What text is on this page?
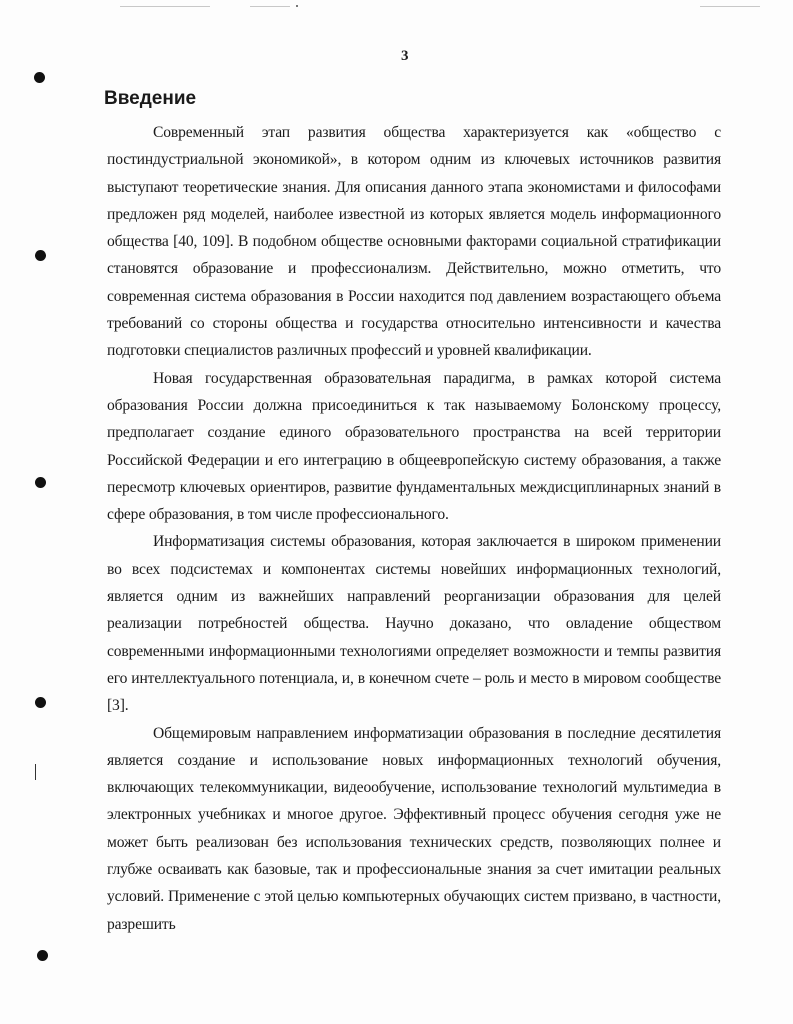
3
Введение

Современный этап развития общества характеризуется как «общество с постиндустриальной экономикой», в котором одним из ключевых источников развития выступают теоретические знания. Для описания данного этапа экономистами и философами предложен ряд моделей, наиболее известной из которых является модель информационного общества [40, 109]. В подобном обществе основными факторами социальной стратификации становятся образование и профессионализм. Действительно, можно отметить, что современная система образования в России находится под давлением возрастающего объема требований со стороны общества и государства относительно интенсивности и качества подготовки специалистов различных профессий и уровней квалификации.

Новая государственная образовательная парадигма, в рамках которой система образования России должна присоединиться к так называемому Болонскому процессу, предполагает создание единого образовательного пространства на всей территории Российской Федерации и его интеграцию в общеевропейскую систему образования, а также пересмотр ключевых ориентиров, развитие фундаментальных междисциплинарных знаний в сфере образования, в том числе профессионального.

Информатизация системы образования, которая заключается в широком применении во всех подсистемах и компонентах системы новейших информационных технологий, является одним из важнейших направлений реорганизации образования для целей реализации потребностей общества. Научно доказано, что овладение обществом современными информационными технологиями определяет возможности и темпы развития его интеллектуального потенциала, и, в конечном счете – роль и место в мировом сообществе [3].

Общемировым направлением информатизации образования в последние десятилетия является создание и использование новых информационных технологий обучения, включающих телекоммуникации, видеообучение, использование технологий мультимедиа в электронных учебниках и многое другое. Эффективный процесс обучения сегодня уже не может быть реализован без использования технических средств, позволяющих полнее и глубже осваивать как базовые, так и профессиональные знания за счет имитации реальных условий. Применение с этой целью компьютерных обучающих систем призвано, в частности, разрешить
